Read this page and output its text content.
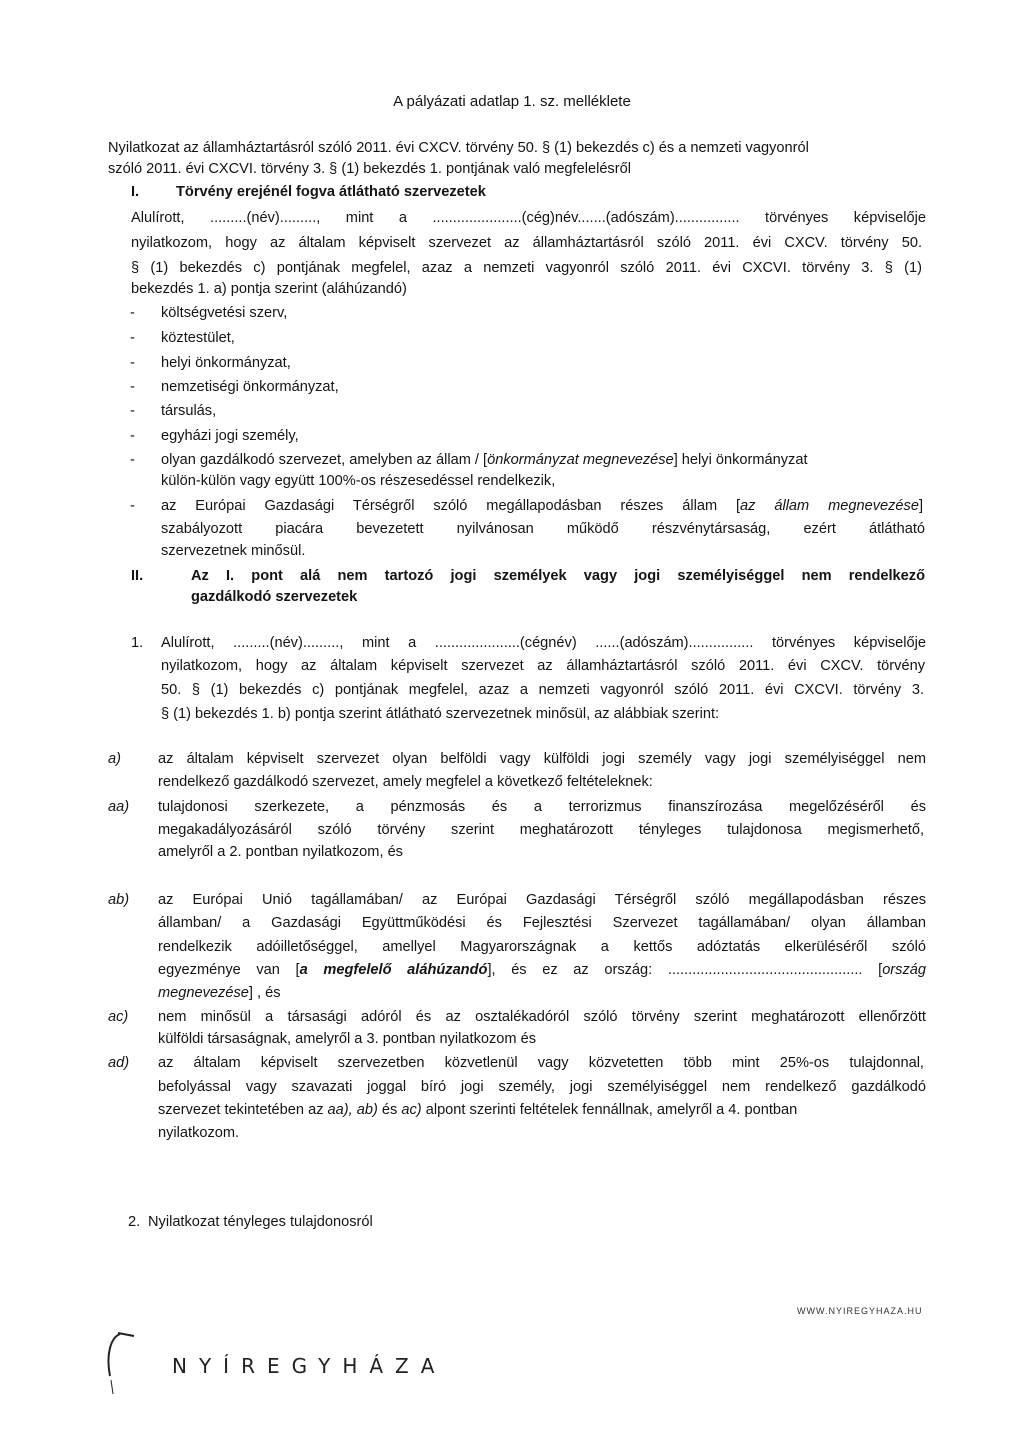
A pályázati adatlap 1. sz. melléklete
Nyilatkozat az államháztartásról szóló 2011. évi CXCV. törvény 50. § (1) bekezdés c) és a nemzeti vagyonról
szóló 2011. évi CXCVI. törvény 3. § (1) bekezdés 1. pontjának való megfelelésről
I.	Törvény erejénél fogva átlátható szervezetek
Alulírott, .........(név)........., mint a ......................(cég)név.......(adószám)................ törvényes képviselője
nyilatkozom, hogy az általam képviselt szervezet az államháztartásról szóló 2011. évi CXCV. törvény 50.
§ (1) bekezdés c) pontjának megfelel, azaz a nemzeti vagyonról szóló 2011. évi CXCVI. törvény 3. § (1)
bekezdés 1. a) pontja szerint (aláhúzandó)
-	költségvetési szerv,
-	köztestület,
-	helyi önkormányzat,
-	nemzetiségi önkormányzat,
-	társulás,
-	egyházi jogi személy,
-	olyan gazdálkodó szervezet, amelyben az állam / [önkormányzat megnevezése] helyi önkormányzat
külön-külön vagy együtt 100%-os részesedéssel rendelkezik,
-	az Európai Gazdasági Térségről szóló megállapodásban részes állam [az állam megnevezése]
szabályozott piacára bevezetett nyilvánosan működő részvénytársaság, ezért átlátható
szervezetnek minősül.
II.	Az I. pont alá nem tartozó jogi személyek vagy jogi személyiséggel nem rendelkező
gazdálkodó szervezetek
1. Alulírott, .........(név)........., mint a .....................(cégnév) ......(adószám)................ törvényes képviselője
nyilatkozom, hogy az általam képviselt szervezet az államháztartásról szóló 2011. évi CXCV. törvény
50. § (1) bekezdés c) pontjának megfelel, azaz a nemzeti vagyonról szóló 2011. évi CXCVI. törvény 3.
§ (1) bekezdés 1. b) pontja szerint átlátható szervezetnek minősül, az alábbiak szerint:
a)	az általam képviselt szervezet olyan belföldi vagy külföldi jogi személy vagy jogi személyiséggel nem
rendelkező gazdálkodó szervezet, amely megfelel a következő feltételeknek:
aa) tulajdonosi szerkezete, a pénzmosás és a terrorizmus finanszírozása megelőzéséről és
megakadályozásáról szóló törvény szerint meghatározott tényleges tulajdonosa megismerhető,
amelyről a 2. pontban nyilatkozom, és
ab) az Európai Unió tagállamában/ az Európai Gazdasági Térségről szóló megállapodásban részes
államban/ a Gazdasági Együttműködési és Fejlesztési Szervezet tagállamában/ olyan államban
rendelkezik adóilletőséggel, amellyel Magyarországnak a kettős adóztatás elkerüléséről szóló
egyezménye van [a megfelelő aláhúzandó], és ez az ország: ................................................ [ország
megnevezése] , és
ac) nem minősül a társasági adóról és az osztalékadóról szóló törvény szerint meghatározott ellenőrzött
külföldi társaságnak, amelyről a 3. pontban nyilatkozom és
ad) az általam képviselt szervezetben közvetlenül vagy közvetetten több mint 25%-os tulajdonnal,
befolyással vagy szavazati joggal bíró jogi személy, jogi személyiséggel nem rendelkező gazdálkodó
szervezet tekintetében az aa), ab) és ac) alpont szerinti feltételek fennállnak, amelyről a 4. pontban
nyilatkozom.
2. Nyilatkozat tényleges tulajdonosról
WWW.NYIREGYHAZA.HU
NYÍREGYHÁZA
